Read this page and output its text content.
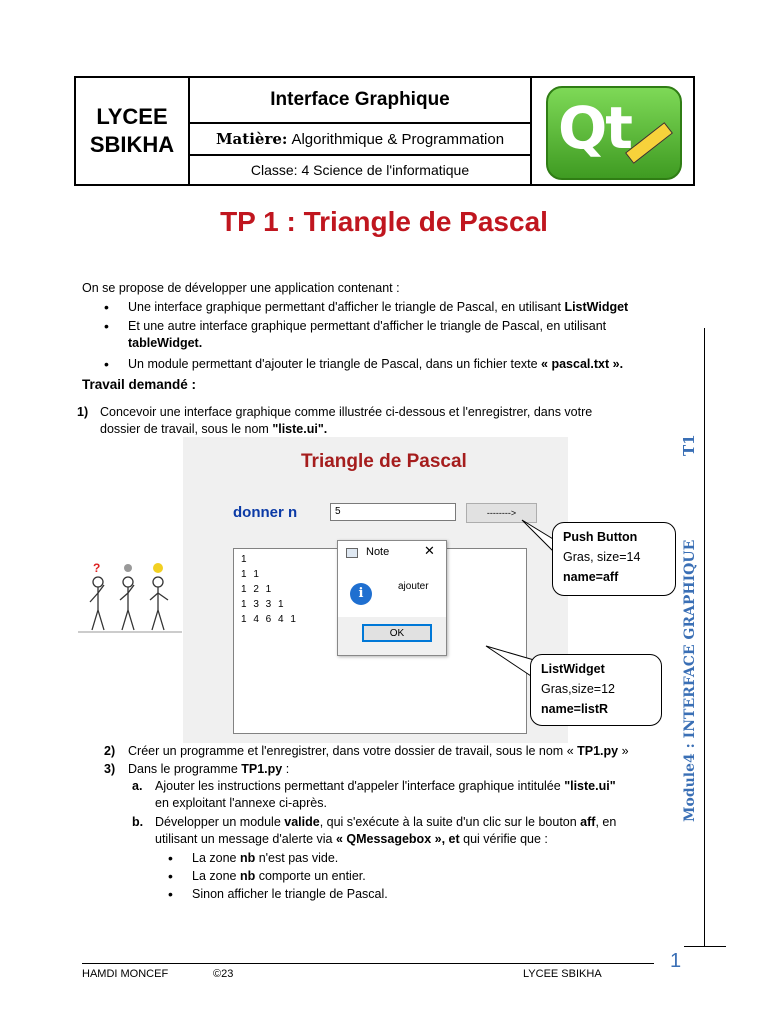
LYCEE
SBIKHA
Interface Graphique
Matière: Algorithmique & Programmation
Classe: 4 Science de l'informatique
Qt
TP 1 : Triangle de Pascal
On se propose de développer une application contenant :
• Une interface graphique permettant d'afficher le triangle de Pascal, en utilisant ListWidget
• Et une autre interface graphique permettant d'afficher le triangle de Pascal, en utilisant
tableWidget.
• Un module permettant d'ajouter le triangle de Pascal, dans un fichier texte « pascal.txt ».
Travail demandé :
1) Concevoir une interface graphique comme illustrée ci-dessous et l'enregistrer, dans votre
dossier de travail, sous le nom "liste.ui".
Triangle de Pascal
donner n	5	-------->
1
1 1
1 2 1
1 3 3 1
1 4 6 4 1
Note	✕
i	ajouter
OK
?
Push Button
Gras, size=14
name=aff
ListWidget
Gras,size=12
name=listR
2) Créer un programme et l'enregistrer, dans votre dossier de travail, sous le nom « TP1.py »
3) Dans le programme TP1.py :
a. Ajouter les instructions permettant d'appeler l'interface graphique intitulée "liste.ui"
en exploitant l'annexe ci-après.
b. Développer un module valide, qui s'exécute à la suite d'un clic sur le bouton aff, en
utilisant un message d'alerte via « QMessagebox », et qui vérifie que :
• La zone nb n'est pas vide.
• La zone nb comporte un entier.
• Sinon afficher le triangle de Pascal.
T1
Module4 : INTERFACE GRAPHIQUE
1
HAMDI MONCEF	©23	LYCEE SBIKHA
